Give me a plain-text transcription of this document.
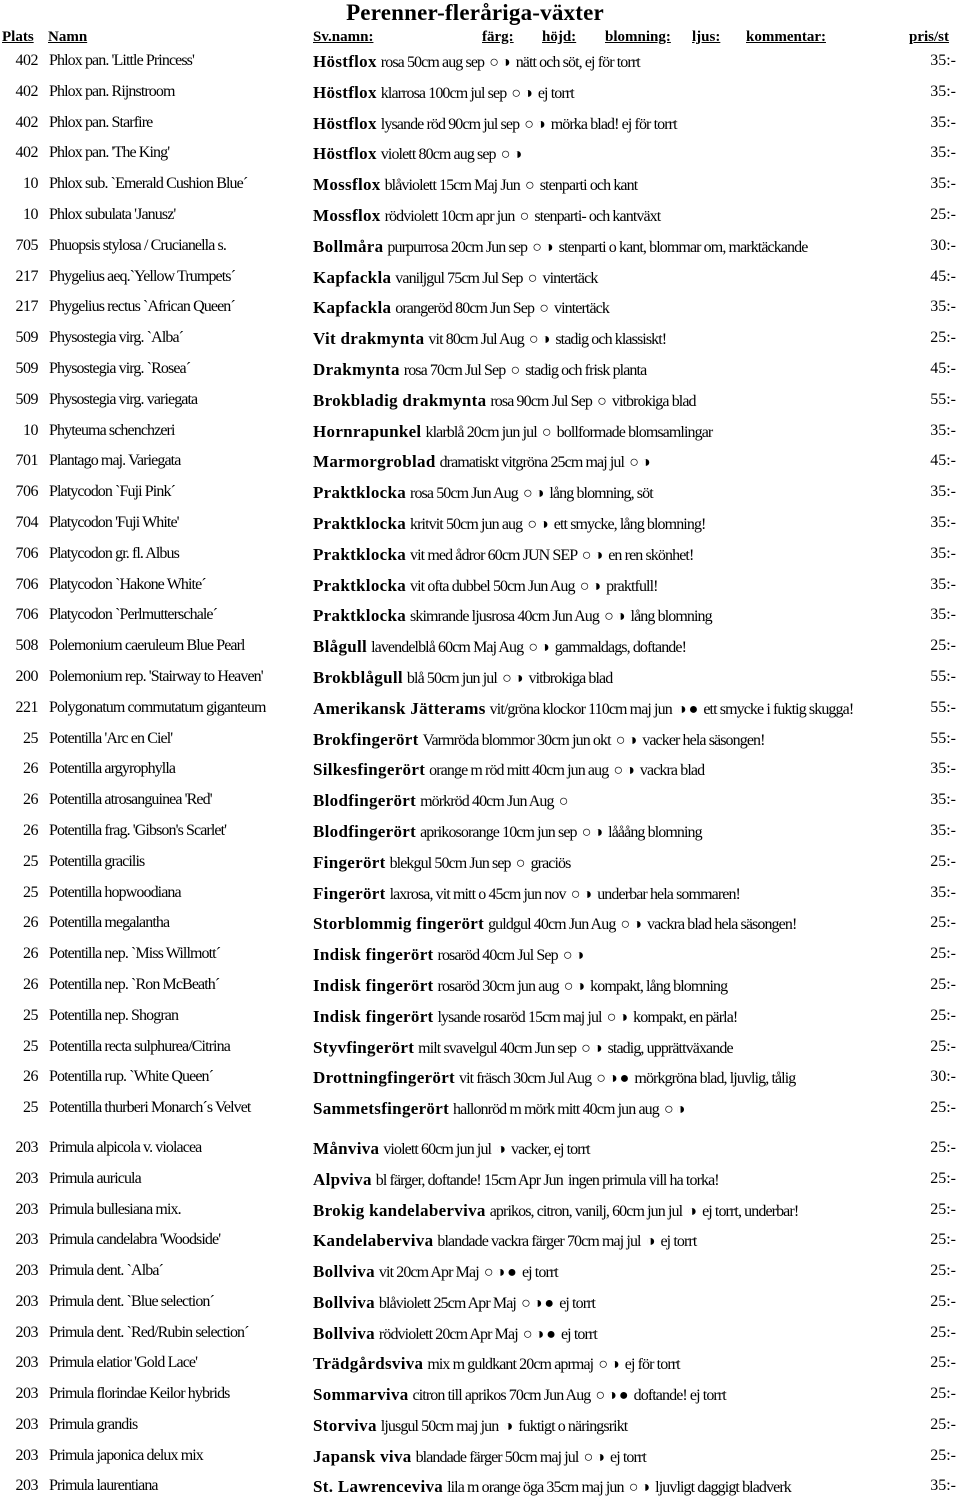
Perenner-fleråriga-växter
Plats Namn	Sv.namn:	färg: höjd: blomning: ljus: kommentar:	pris/st
402 Phlox pan. 'Little Princess'	Höstflox rosa 50cm aug sep ○◑ nätt och söt, ej för torrt	35:-
402 Phlox pan. Rijnstroom	Höstflox klarrosa 100cm jul sep ○◑ ej torrt	35:-
402 Phlox pan. Starfire	Höstflox lysande röd 90cm jul sep ○◑ mörka blad! ej för torrt	35:-
402 Phlox pan. 'The King'	Höstflox violett 80cm aug sep ○◑	35:-
10 Phlox sub. `Emerald Cushion Blue´	Mossflox blåviolett 15cm Maj Jun ○ stenparti och kant	35:-
10 Phlox subulata 'Janusz'	Mossflox rödviolett 10cm apr jun ○ stenparti- och kantväxt	25:-
705 Phuopsis stylosa / Crucianella s.	Bollmåra purpurrosa 20cm Jun sep ○◑ stenparti o kant, blommar om, marktäckande	30:-
217 Phygelius aeq.`Yellow Trumpets´	Kapfackla vaniljgul 75cm Jul Sep ○ vintertäck	45:-
217 Phygelius rectus `African Queen´	Kapfackla orangeröd 80cm Jun Sep ○ vintertäck	35:-
509 Physostegia virg. `Alba´	Vit drakmynta vit 80cm Jul Aug ○◑ stadig och klassiskt!	25:-
509 Physostegia virg. `Rosea´	Drakmynta rosa 70cm Jul Sep ○ stadig och frisk planta	45:-
509 Physostegia virg. variegata	Brokbladig drakmynta rosa 90cm Jul Sep ○ vitbrokiga blad	55:-
10 Phyteuma schenchzeri	Hornrapunkel klarblå 20cm jun jul ○ bollformade blomsamlingar	35:-
701 Plantago maj. Variegata	Marmorgroblad dramatiskt vitgröna 25cm maj jul ○◑	45:-
706 Platycodon `Fuji Pink´	Praktklocka rosa 50cm Jun Aug ○◑ lång blomning, söt	35:-
704 Platycodon 'Fuji White'	Praktklocka kritvit 50cm jun aug ○◑ ett smycke, lång blomning!	35:-
706 Platycodon gr. fl. Albus	Praktklocka vit med ådror 60cm JUN SEP ○◑ en ren skönhet!	35:-
706 Platycodon `Hakone White´	Praktklocka vit ofta dubbel 50cm Jun Aug ○◑ praktfull!	35:-
706 Platycodon `Perlmutterschale´	Praktklocka skimrande ljusrosa 40cm Jun Aug ○◑ lång blomning	35:-
508 Polemonium caeruleum Blue Pearl	Blågull lavendelblå 60cm Maj Aug ○◑ gammaldags, doftande!	25:-
200 Polemonium rep. 'Stairway to Heaven'	Brokblågull blå 50cm jun jul ○◑ vitbrokiga blad	55:-
221 Polygonatum commutatum giganteum	Amerikansk Jätterams vit/gröna klockor 110cm maj jun ◑● ett smycke i fuktig skugga!	55:-
25 Potentilla 'Arc en Ciel'	Brokfingerört Varmröda blommor 30cm jun okt ○◑ vacker hela säsongen!	55:-
26 Potentilla argyrophylla	Silkesfingerört orange m röd mitt 40cm jun aug ○◑ vackra blad	35:-
26 Potentilla atrosanguinea 'Red'	Blodfingerört mörkröd 40cm Jun Aug ○	35:-
26 Potentilla frag. 'Gibson's Scarlet'	Blodfingerört aprikosorange 10cm jun sep ○◑ lååång blomning	35:-
25 Potentilla gracilis	Fingerört blekgul 50cm Jun sep ○ graciös	25:-
25 Potentilla hopwoodiana	Fingerört laxrosa, vit mitt o 45cm jun nov ○◑ underbar hela sommaren!	35:-
26 Potentilla megalantha	Storblommig fingerört guldgul 40cm Jun Aug ○◑ vackra blad hela säsongen!	25:-
26 Potentilla nep. `Miss Willmott´	Indisk fingerört rosaröd 40cm Jul Sep ○◑	25:-
26 Potentilla nep. `Ron McBeath´	Indisk fingerört rosaröd 30cm jun aug ○◑ kompakt, lång blomning	25:-
25 Potentilla nep. Shogran	Indisk fingerört lysande rosaröd 15cm maj jul ○◑ kompakt, en pärla!	25:-
25 Potentilla recta sulphurea/Citrina	Styvfingerört milt svavelgul 40cm Jun sep ○◑ stadig, upprättväxande	25:-
26 Potentilla rup. `White Queen´	Drottningfingerört vit fräsch 30cm Jul Aug ○◑● mörkgröna blad, ljuvlig, tålig	30:-
25 Potentilla thurberi Monarch´s Velvet	Sammetsfingerört hallonröd m mörk mitt 40cm jun aug ○◑	25:-
203 Primula alpicola v. violacea	Månviva violett 60cm jun jul ◑ vacker, ej torrt	25:-
203 Primula auricula	Alpviva bl färger, doftande! 15cm Apr Jun ingen primula vill ha torka!	25:-
203 Primula bullesiana mix.	Brokig kandelaberviva aprikos, citron, vanilj, 60cm jun jul ◑ ej torrt, underbar!	25:-
203 Primula candelabra 'Woodside'	Kandelaberviva blandade vackra färger 70cm maj jul ◑ ej torrt	25:-
203 Primula dent. `Alba´	Bollviva vit 20cm Apr Maj ○◑● ej torrt	25:-
203 Primula dent. `Blue selection´	Bollviva blåviolett 25cm Apr Maj ○◑● ej torrt	25:-
203 Primula dent. `Red/Rubin selection´	Bollviva rödviolett 20cm Apr Maj ○◑● ej torrt	25:-
203 Primula elatior 'Gold Lace'	Trädgårdsviva mix m guldkant 20cm aprmaj ○◑ ej för torrt	25:-
203 Primula florindae Keilor hybrids	Sommarviva citron till aprikos 70cm Jun Aug ○◑● doftande! ej torrt	25:-
203 Primula grandis	Storviva ljusgul 50cm maj jun ◑ fuktigt o näringsrikt	25:-
203 Primula japonica delux mix	Japansk viva blandade färger 50cm maj jul ○◑ ej torrt	25:-
203 Primula laurentiana	St. Lawrenceviva lila m orange öga 35cm maj jun ○◑ ljuvligt daggigt bladverk	35:-
